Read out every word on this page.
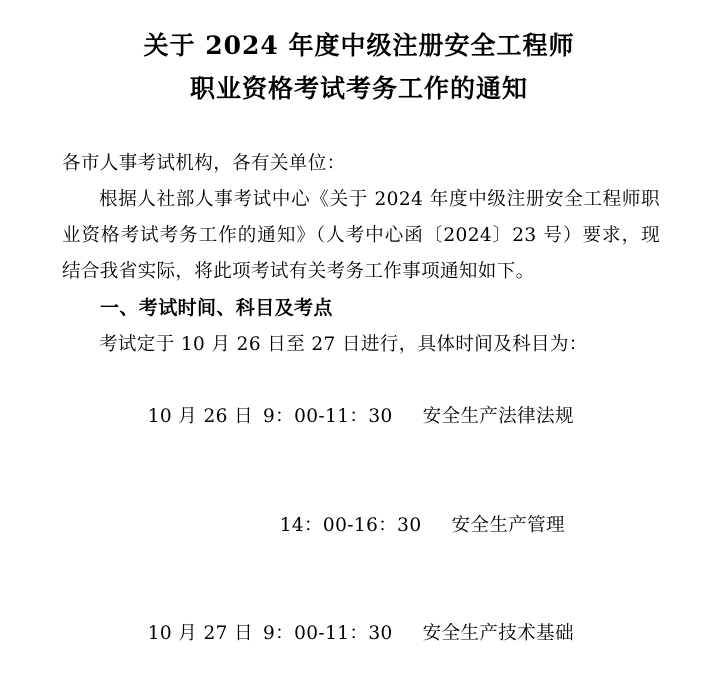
关于 2024 年度中级注册安全工程师
职业资格考试考务工作的通知

各市人事考试机构，各有关单位：

根据人社部人事考试中心《关于 2024 年度中级注册安全工程师职业资格考试考务工作的通知》（人考中心函〔2024〕23 号）要求，现结合我省实际，将此项考试有关考务工作事项通知如下。

一、考试时间、科目及考点

考试定于 10 月 26 日至 27 日进行，具体时间及科目为：

10 月 26 日 9：00-11：30 安全生产法律法规

14：00-16：30 安全生产管理

10 月 27 日 9：00-11：30 安全生产技术基础
